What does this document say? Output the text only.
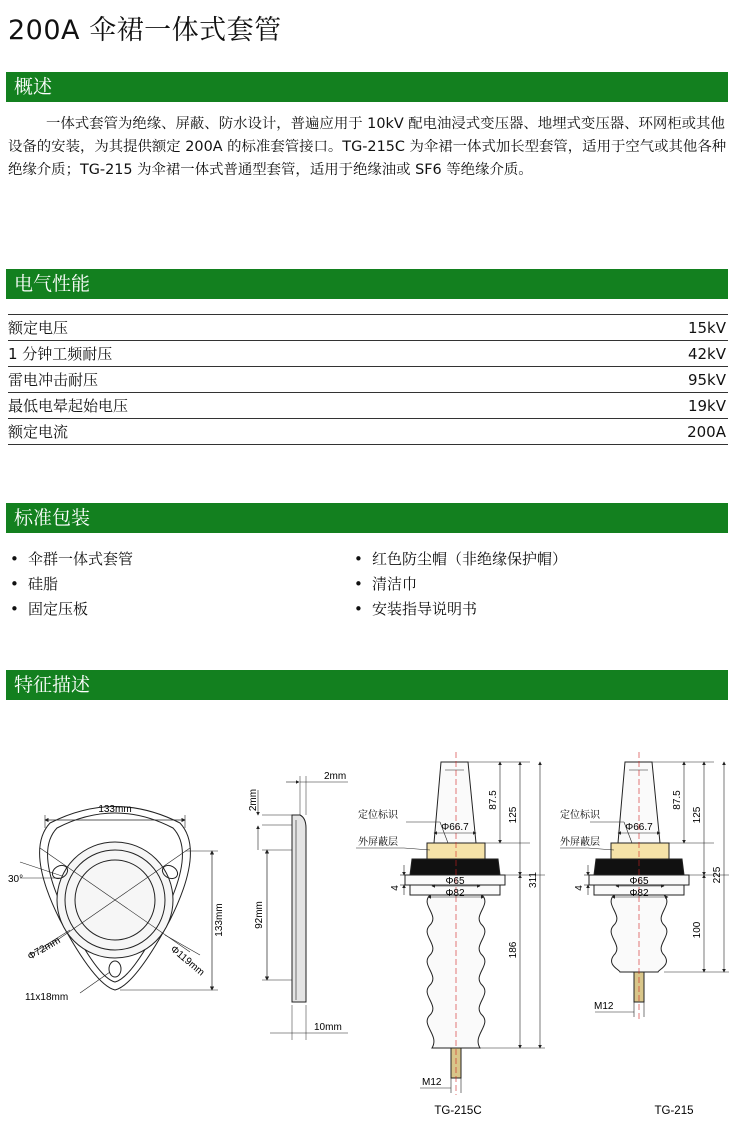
200A 伞裙一体式套管
概述

一体式套管为绝缘、屏蔽、防水设计，普遍应用于 10kV 配电油浸式变压器、地埋式变压器、环网柜或其他设备的安装，为其提供额定 200A 的标准套管接口。TG-215C 为伞裙一体式加长型套管，适用于空气或其他各种绝缘介质；TG-215 为伞裙一体式普通型套管，适用于绝缘油或 SF6 等绝缘介质。

电气性能
额定电压	15kV
1 分钟工频耐压	42kV
雷电冲击耐压	95kV
最低电晕起始电压	19kV
额定电流	200A
标准包装
• 伞群一体式套管
• 硅脂
• 固定压板
• 红色防尘帽（非绝缘保护帽）
• 清洁巾
• 安装指导说明书
特征描述
133mm
133mm
30°
Φ72mm	Φ119mm
11x18mm
2mm
2mm
92mm
10mm
定位标识
外屏蔽层
Φ66.7
Φ65
Φ82
87.5
125
311
186
4
M12
TG-215C
定位标识
外屏蔽层
Φ66.7
Φ65
Φ82
87.5
125
225
100
4
M12
TG-215
